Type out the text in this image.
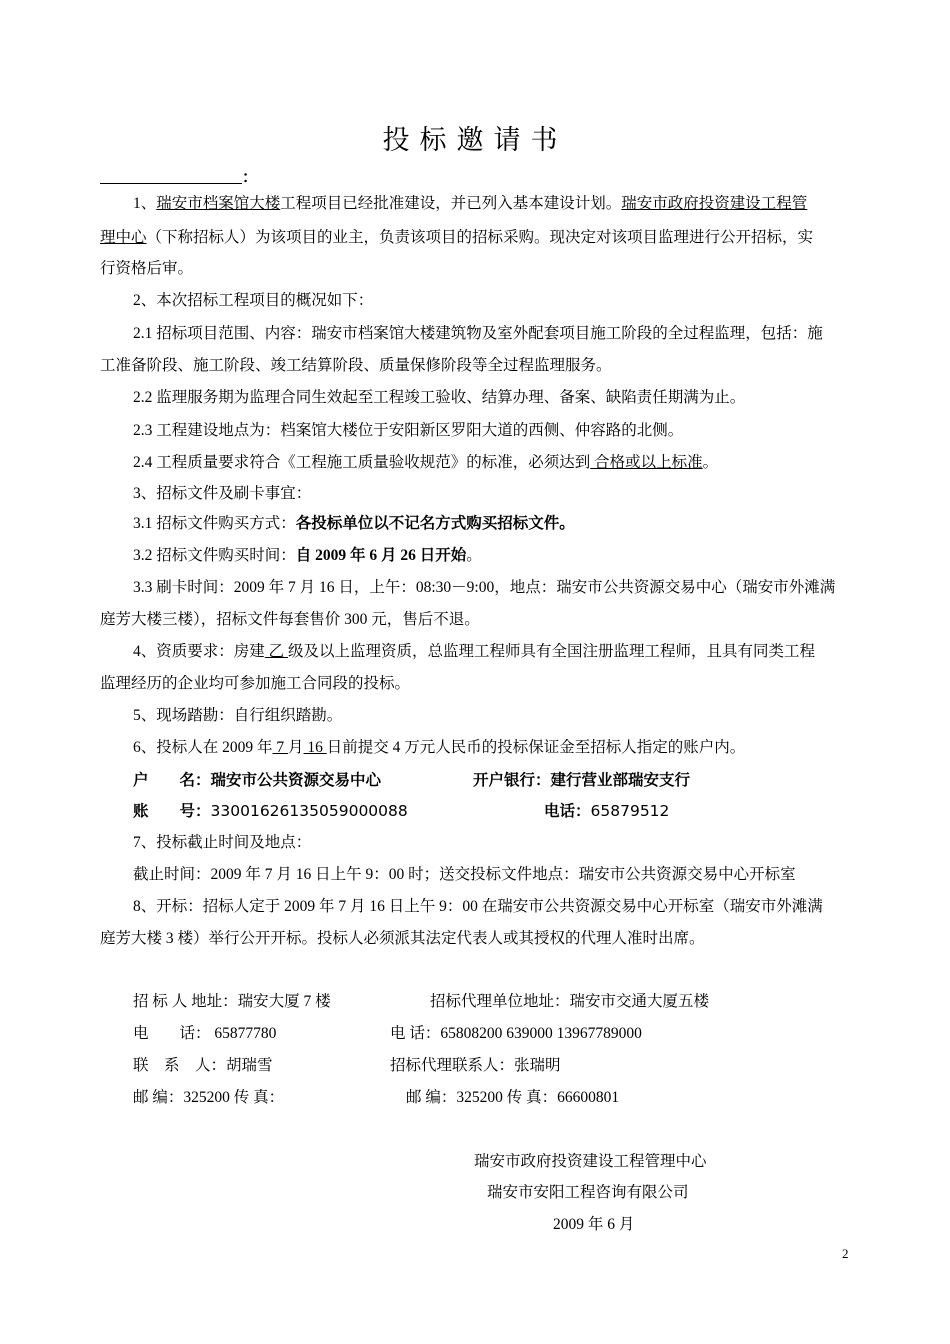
投标邀请书
：
1、瑞安市档案馆大楼工程项目已经批准建设，并已列入基本建设计划。瑞安市政府投资建设工程管
理中心（下称招标人）为该项目的业主，负责该项目的招标采购。现决定对该项目监理进行公开招标，实
行资格后审。
2、本次招标工程项目的概况如下：
2.1 招标项目范围、内容：瑞安市档案馆大楼建筑物及室外配套项目施工阶段的全过程监理，包括：施
工准备阶段、施工阶段、竣工结算阶段、质量保修阶段等全过程监理服务。
2.2 监理服务期为监理合同生效起至工程竣工验收、结算办理、备案、缺陷责任期满为止。
2.3 工程建设地点为：档案馆大楼位于安阳新区罗阳大道的西侧、仲容路的北侧。
2.4 工程质量要求符合《工程施工质量验收规范》的标准，必须达到 合格或以上标准。
3、招标文件及刷卡事宜：
3.1 招标文件购买方式：各投标单位以不记名方式购买招标文件。
3.2 招标文件购买时间：自 2009 年 6 月 26 日开始。
3.3 刷卡时间：2009 年 7 月 16 日，上午：08:30－9:00，地点：瑞安市公共资源交易中心（瑞安市外滩满
庭芳大楼三楼），招标文件每套售价 300 元，售后不退。
4、资质要求：房建 乙 级及以上监理资质，总监理工程师具有全国注册监理工程师，且具有同类工程
监理经历的企业均可参加施工合同段的投标。
5、现场踏勘：自行组织踏勘。
6、投标人在 2009 年 7 月 16 日前提交 4 万元人民币的投标保证金至招标人指定的账户内。
户　　名：瑞安市公共资源交易中心	开户银行：建行营业部瑞安支行
账　　号：33001626135059000088	电话：65879512
7、投标截止时间及地点：
截止时间：2009 年 7 月 16 日上午 9：00 时；送交投标文件地点：瑞安市公共资源交易中心开标室
8、开标：招标人定于 2009 年 7 月 16 日上午 9：00 在瑞安市公共资源交易中心开标室（瑞安市外滩满
庭芳大楼 3 楼）举行公开开标。投标人必须派其法定代表人或其授权的代理人准时出席。
招 标 人 地址：瑞安大厦 7 楼	招标代理单位地址：瑞安市交通大厦五楼
电　　话： 65877780	电 话：65808200 639000 13967789000
联　系　人：胡瑞雪	招标代理联系人：张瑞明
邮 编：325200 传 真：	邮 编：325200 传 真：66600801
瑞安市政府投资建设工程管理中心
瑞安市安阳工程咨询有限公司
2009 年 6 月
2
